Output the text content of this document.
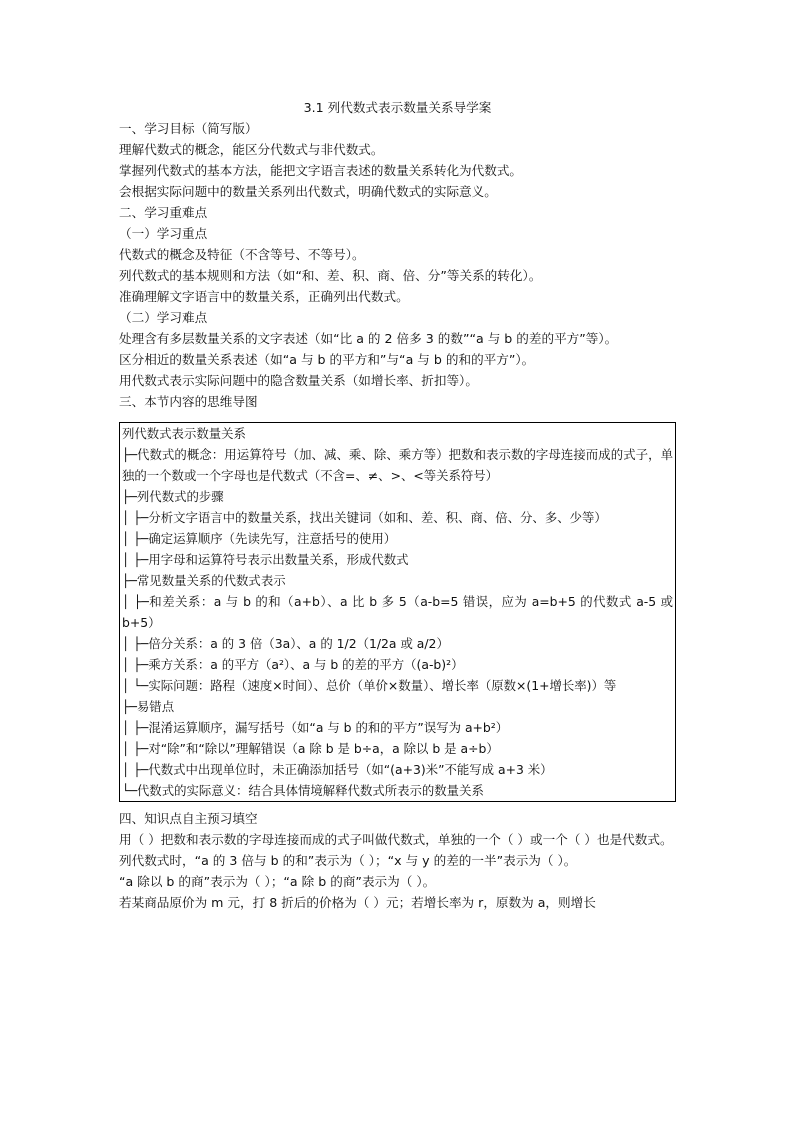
3.1 列代数式表示数量关系导学案
一、学习目标（简写版）
理解代数式的概念，能区分代数式与非代数式。
掌握列代数式的基本方法，能把文字语言表述的数量关系转化为代数式。
会根据实际问题中的数量关系列出代数式，明确代数式的实际意义。
二、学习重难点
（一）学习重点
代数式的概念及特征（不含等号、不等号）。
列代数式的基本规则和方法（如“和、差、积、商、倍、分”等关系的转化）。
准确理解文字语言中的数量关系，正确列出代数式。
（二）学习难点
处理含有多层数量关系的文字表述（如“比 a 的 2 倍多 3 的数”“a 与 b 的差的平方”等）。
区分相近的数量关系表述（如“a 与 b 的平方和”与“a 与 b 的和的平方”）。
用代数式表示实际问题中的隐含数量关系（如增长率、折扣等）。
三、本节内容的思维导图
列代数式表示数量关系
├─代数式的概念：用运算符号（加、减、乘、除、乘方等）把数和表示数的字母连接而成的式子，单独的一个数或一个字母也是代数式（不含=、≠、>、<等关系符号）
├─列代数式的步骤
│ ├─分析文字语言中的数量关系，找出关键词（如和、差、积、商、倍、分、多、少等）
│ ├─确定运算顺序（先读先写，注意括号的使用）
│ ├─用字母和运算符号表示出数量关系，形成代数式
├─常见数量关系的代数式表示
│ ├─和差关系：a 与 b 的和（a+b）、a 比 b 多 5（a-b=5 错误，应为 a=b+5 的代数式 a-5 或 b+5）
│ ├─倍分关系：a 的 3 倍（3a）、a 的 1/2（1/2a 或 a/2）
│ ├─乘方关系：a 的平方（a²）、a 与 b 的差的平方（(a-b)²）
│ └─实际问题：路程（速度×时间）、总价（单价×数量）、增长率（原数×(1+增长率)）等
├─易错点
│ ├─混淆运算顺序，漏写括号（如“a 与 b 的和的平方”误写为 a+b²）
│ ├─对“除”和“除以”理解错误（a 除 b 是 b÷a，a 除以 b 是 a÷b）
│ ├─代数式中出现单位时，未正确添加括号（如“(a+3)米”不能写成 a+3 米）
└─代数式的实际意义：结合具体情境解释代数式所表示的数量关系
四、知识点自主预习填空
用（ ）把数和表示数的字母连接而成的式子叫做代数式，单独的一个（ ）或一个（ ）也是代数式。
列代数式时，“a 的 3 倍与 b 的和”表示为（ ）；“x 与 y 的差的一半”表示为（ ）。
“a 除以 b 的商”表示为（ ）；“a 除 b 的商”表示为（ ）。
若某商品原价为 m 元，打 8 折后的价格为（ ）元；若增长率为 r，原数为 a，则增长
